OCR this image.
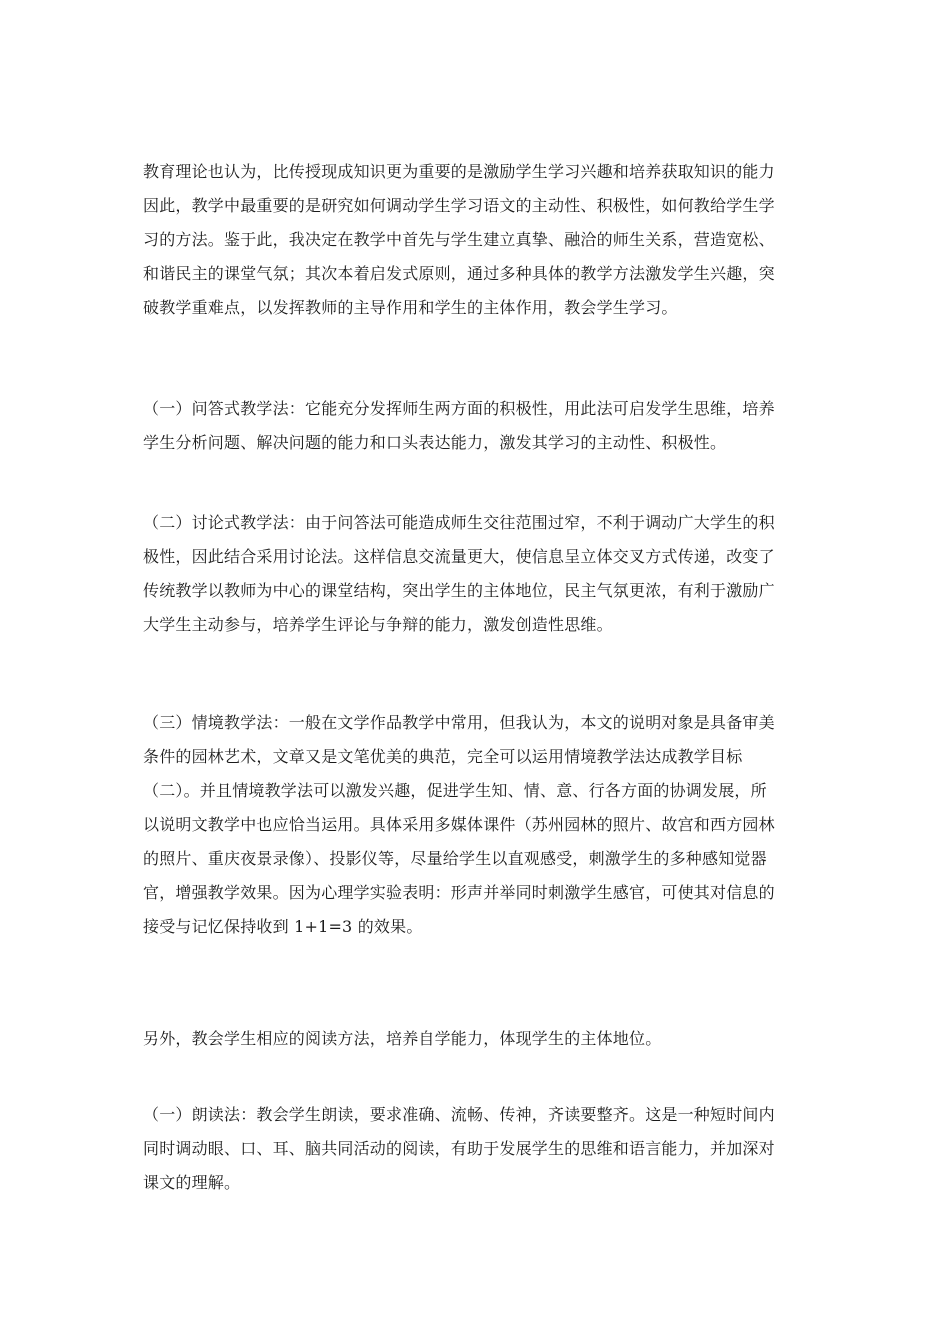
教育理论也认为，比传授现成知识更为重要的是激励学生学习兴趣和培养获取知识的能力
因此，教学中最重要的是研究如何调动学生学习语文的主动性、积极性，如何教给学生学
习的方法。鉴于此，我决定在教学中首先与学生建立真挚、融洽的师生关系，营造宽松、
和谐民主的课堂气氛；其次本着启发式原则，通过多种具体的教学方法激发学生兴趣，突
破教学重难点，以发挥教师的主导作用和学生的主体作用，教会学生学习。
（一）问答式教学法：它能充分发挥师生两方面的积极性，用此法可启发学生思维，培养
学生分析问题、解决问题的能力和口头表达能力，激发其学习的主动性、积极性。
（二）讨论式教学法：由于问答法可能造成师生交往范围过窄，不利于调动广大学生的积
极性，因此结合采用讨论法。这样信息交流量更大，使信息呈立体交叉方式传递，改变了
传统教学以教师为中心的课堂结构，突出学生的主体地位，民主气氛更浓，有利于激励广
大学生主动参与，培养学生评论与争辩的能力，激发创造性思维。
（三）情境教学法：一般在文学作品教学中常用，但我认为，本文的说明对象是具备审美
条件的园林艺术，文章又是文笔优美的典范，完全可以运用情境教学法达成教学目标
（二）。并且情境教学法可以激发兴趣，促进学生知、情、意、行各方面的协调发展，所
以说明文教学中也应恰当运用。具体采用多媒体课件（苏州园林的照片、故宫和西方园林
的照片、重庆夜景录像）、投影仪等，尽量给学生以直观感受，刺激学生的多种感知觉器
官，增强教学效果。因为心理学实验表明：形声并举同时刺激学生感官，可使其对信息的
接受与记忆保持收到 1+1=3 的效果。
另外，教会学生相应的阅读方法，培养自学能力，体现学生的主体地位。
（一）朗读法：教会学生朗读，要求准确、流畅、传神，齐读要整齐。这是一种短时间内
同时调动眼、口、耳、脑共同活动的阅读，有助于发展学生的思维和语言能力，并加深对
课文的理解。
